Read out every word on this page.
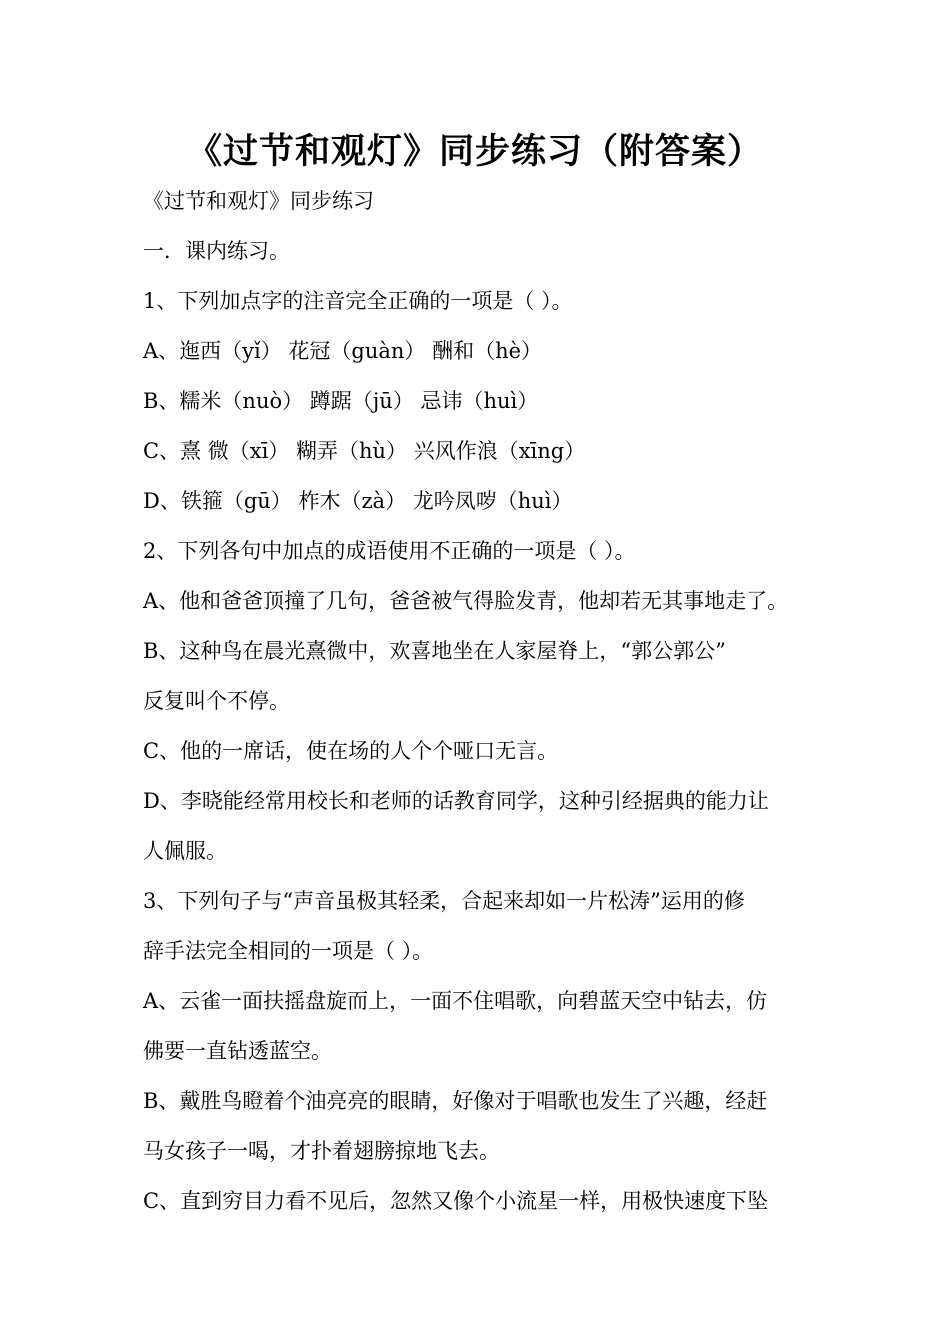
《过节和观灯》同步练习（附答案）
《过节和观灯》同步练习
一．课内练习。
1、下列加点字的注音完全正确的一项是（ ）。
A、迤西（yǐ） 花冠（guàn） 酬和（hè）
B、糯米（nuò） 蹲踞（jū） 忌讳（huì）
C、熹 微（xī） 糊弄（hù） 兴风作浪（xīng）
D、铁箍（gū） 柞木（zà） 龙吟凤哕（huì）
2、下列各句中加点的成语使用不正确的一项是（ ）。
A、他和爸爸顶撞了几句，爸爸被气得脸发青，他却若无其事地走了。
B、这种鸟在晨光熹微中，欢喜地坐在人家屋脊上，“郭公郭公”
反复叫个不停。
C、他的一席话，使在场的人个个哑口无言。
D、李晓能经常用校长和老师的话教育同学，这种引经据典的能力让
人佩服。
3、下列句子与“声音虽极其轻柔，合起来却如一片松涛”运用的修
辞手法完全相同的一项是（ ）。
A、云雀一面扶摇盘旋而上，一面不住唱歌，向碧蓝天空中钻去，仿
佛要一直钻透蓝空。
B、戴胜鸟瞪着个油亮亮的眼睛，好像对于唱歌也发生了兴趣，经赶
马女孩子一喝，才扑着翅膀掠地飞去。
C、直到穷目力看不见后，忽然又像个小流星一样，用极快速度下坠
